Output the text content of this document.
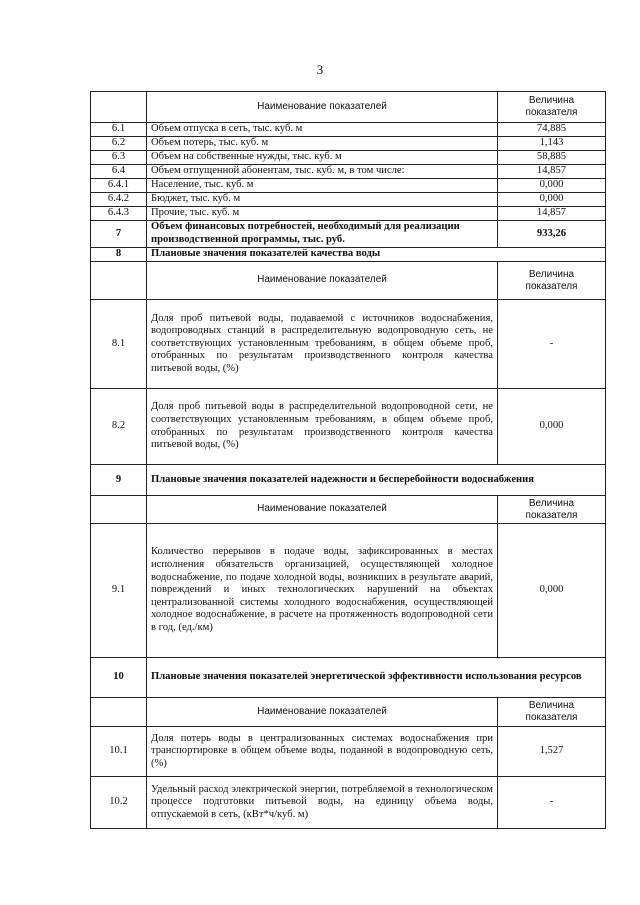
3
	Наименование показателей	Величина показателя
6.1	Объем отпуска в сеть, тыс. куб. м	74,885
6.2	Объем потерь, тыс. куб. м	1,143
6.3	Объем на собственные нужды, тыс. куб. м	58,885
6.4	Объем отпущенной абонентам, тыс. куб. м, в том числе:	14,857
6.4.1	Население, тыс. куб. м	0,000
6.4.2	Бюджет, тыс. куб. м	0,000
6.4.3	Прочие, тыс. куб. м	14,857
7	Объем финансовых потребностей, необходимый для реализации производственной программы, тыс. руб.	933,26
8	Плановые значения показателей качества воды	
	Наименование показателей	Величина показателя
8.1	Доля проб питьевой воды, подаваемой с источников водоснабжения, водопроводных станций в распределительную водопроводную сеть, не соответствующих установленным требованиям, в общем объеме проб, отобранных по результатам производственного контроля качества питьевой воды, (%)	-
8.2	Доля проб питьевой воды в распределительной водопроводной сети, не соответствующих установленным требованиям, в общем объеме проб, отобранных по результатам производственного контроля качества питьевой воды, (%)	0,000
9	Плановые значения показателей надежности и бесперебойности водоснабжения	
	Наименование показателей	Величина показателя
9.1	Количество перерывов в подаче воды, зафиксированных в местах исполнения обязательств организацией, осуществляющей холодное водоснабжение, по подаче холодной воды, возникших в результате аварий, повреждений и иных технологических нарушений на объектах централизованной системы холодного водоснабжения, осуществляющей холодное водоснабжение, в расчете на протяженность водопроводной сети в год, (ед./км)	0,000
10	Плановые значения показателей энергетической эффективности использования ресурсов	
	Наименование показателей	Величина показателя
10.1	Доля потерь воды в централизованных системах водоснабжения при транспортировке в общем объеме воды, поданной в водопроводную сеть, (%)	1,527
10.2	Удельный расход электрической энергии, потребляемой в технологическом процессе подготовки питьевой воды, на единицу объема воды, отпускаемой в сеть, (кВт*ч/куб. м)	-
